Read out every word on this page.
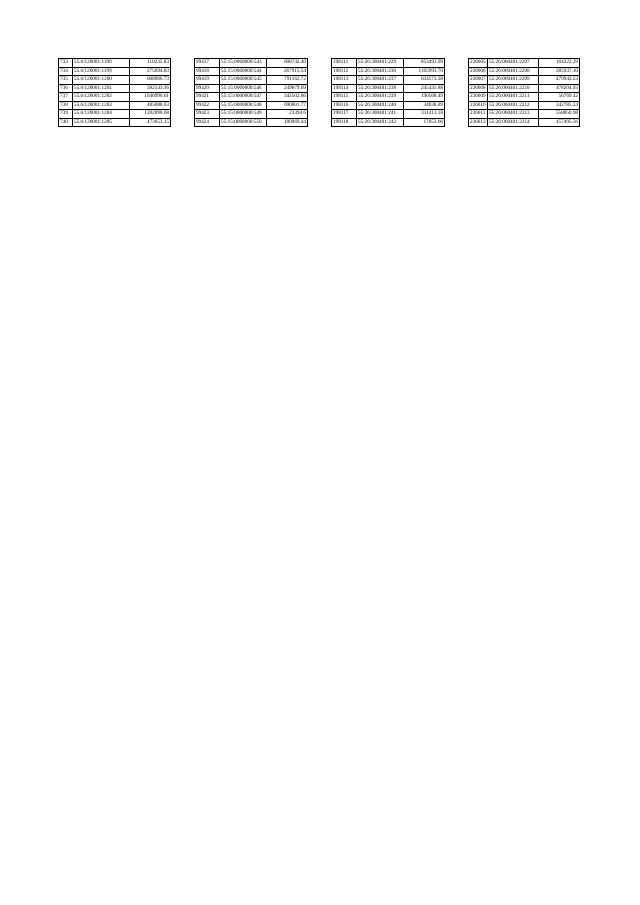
733	55.6/120001:1198	110235.83
734	55.6/120001:1199	275694.83
735	55.6/120001:1200	608966.73
736	55.6/120001:1201	582543.36
737	55.6/120001:1202	1040996.61
738	55.6/120001:1203	485088.63
739	55.6/120001:1204	1202098.68
740	55.6/120001:1205	473653.15
99417	55:15:0000000:543	608742.40
99418	55:15:0000000:544	267915.54
99419	55:15:0000000:545	791162.72
99420	55:15:0000000:546	249879.69
99421	55:15:0000000:547	342502.86
99422	55:15:0000000:548	690001.77
99423	55:15:0000000:549	23394.6
99424	55:15:0000000:550	180969.44
198111	55:26:300401:229	853493.99
198112	55:26:300401:230	1165993.70
198113	55:26:300401:237	634573.38
198114	55:26:300401:238	245435.88
198115	55:26:300401:239	190568.49
198116	55:26:300401:240	34038.89
198117	55:26:300401:241	311413.18
198118	55:26:300401:242	17653.66
236605	55:26:060401:2207	164222.29
236606	55:26:060401:2208	285937.10
236607	55:26:060401:2209	479943.53
236608	55:26:060401:2210	478204.93
236609	55:26:060401:2211	56769.42
236610	55:26:060401:2212	342785.24
236611	55:26:060401:2213	558850.98
236612	55:26:060401:2214	457495.56
